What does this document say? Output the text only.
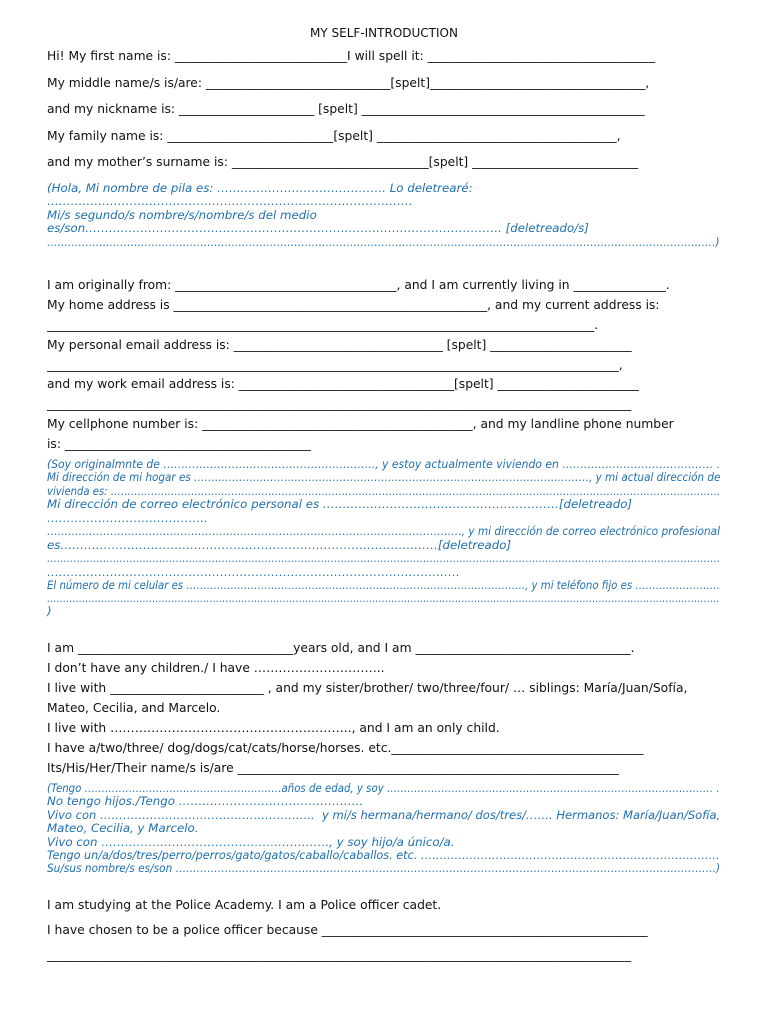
MY SELF-INTRODUCTION
Hi! My first name is: ____________________________I will spell it: _____________________________________
My middle name/s is/are: ______________________________[spelt]___________________________________,
and my nickname is: ______________________ [spelt] ______________________________________________
My family name is: ___________________________[spelt] _______________________________________,
and my mother’s surname is: ________________________________[spelt] ___________________________
(Hola, Mi nombre de pila es: ……………………………………. Lo deletrearé:
…………………………………………………………………………………
Mi/s segundo/s nombre/s/nombre/s del medio
es/son……………………………………………………………………………………………. [deletreado/s]
…………………………………………………………………………………………………………………………………………………………………………)
I am originally from: ____________________________________, and I am currently living in _______________.
My home address is ___________________________________________________, and my current address is:
_________________________________________________________________________________________.
My personal email address is: __________________________________ [spelt] _______________________
_____________________________________________________________________________________________,
and my work email address is: ___________________________________[spelt] _______________________
_______________________________________________________________________________________________
My cellphone number is: ____________________________________________, and my landline phone number
is: ________________________________________
(Soy originalmnte de ………………………………………………….., y estoy actualmente viviendo en …………………………………… .
Mi dirección de mi hogar es ……………………………………………………………………………………………………, y mi actual dirección de
vivienda es: ………………………………………………………………………………………………………………………………………………………………..
Mi dirección de correo electrónico personal es ……………………………………………………[deletreado]
…………………………………..
………………………………………………………………………………………………………., y mi dirección de correo electrónico profesional
es……………………………………………………………………………………[deletreado]
……………………………………………………………………………………………………………………………………………………………………………………
……………………………………………………………………………………………
El número de mi celular es ………………………………………………………………………………………., y mi teléfono fijo es …………………….
………………………………………………………………………………………………………………………………………………………………………………………….
)
I am ___________________________________years old, and I am ___________________________________.
I don’t have any children./ I have …………………………..
I live with _________________________ , and my sister/brother/ two/three/four/ … siblings: María/Juan/Sofía,
Mateo, Cecilia, and Marcelo.
I live with ………………………………………………….., and I am an only child.
I have a/two/three/ dog/dogs/cat/cats/horse/horses. etc._________________________________________
Its/His/Her/Their name/s is/are ______________________________________________________________
(Tengo ………………………………………………….años de edad, y soy …………………………………………………………………………………… .
No tengo hijos./Tengo ………………………………………..
Vivo con ………………………………………………..  y mi/s hermana/hermano/ dos/tres/……. Hermanos: María/Juan/Sofía,
Mateo, Cecilia, y Marcelo.
Vivo con …………………………………………………., y soy hijo/a único/a.
Tengo un/a/dos/tres/perro/perros/gato/gatos/caballo/caballos. etc. ……………………………………………………………………..
Su/sus nombre/s es/son ……………………………………………………………………………………………………………………………………….)
I am studying at the Police Academy. I am a Police officer cadet.
I have chosen to be a police officer because _____________________________________________________
_______________________________________________________________________________________________
